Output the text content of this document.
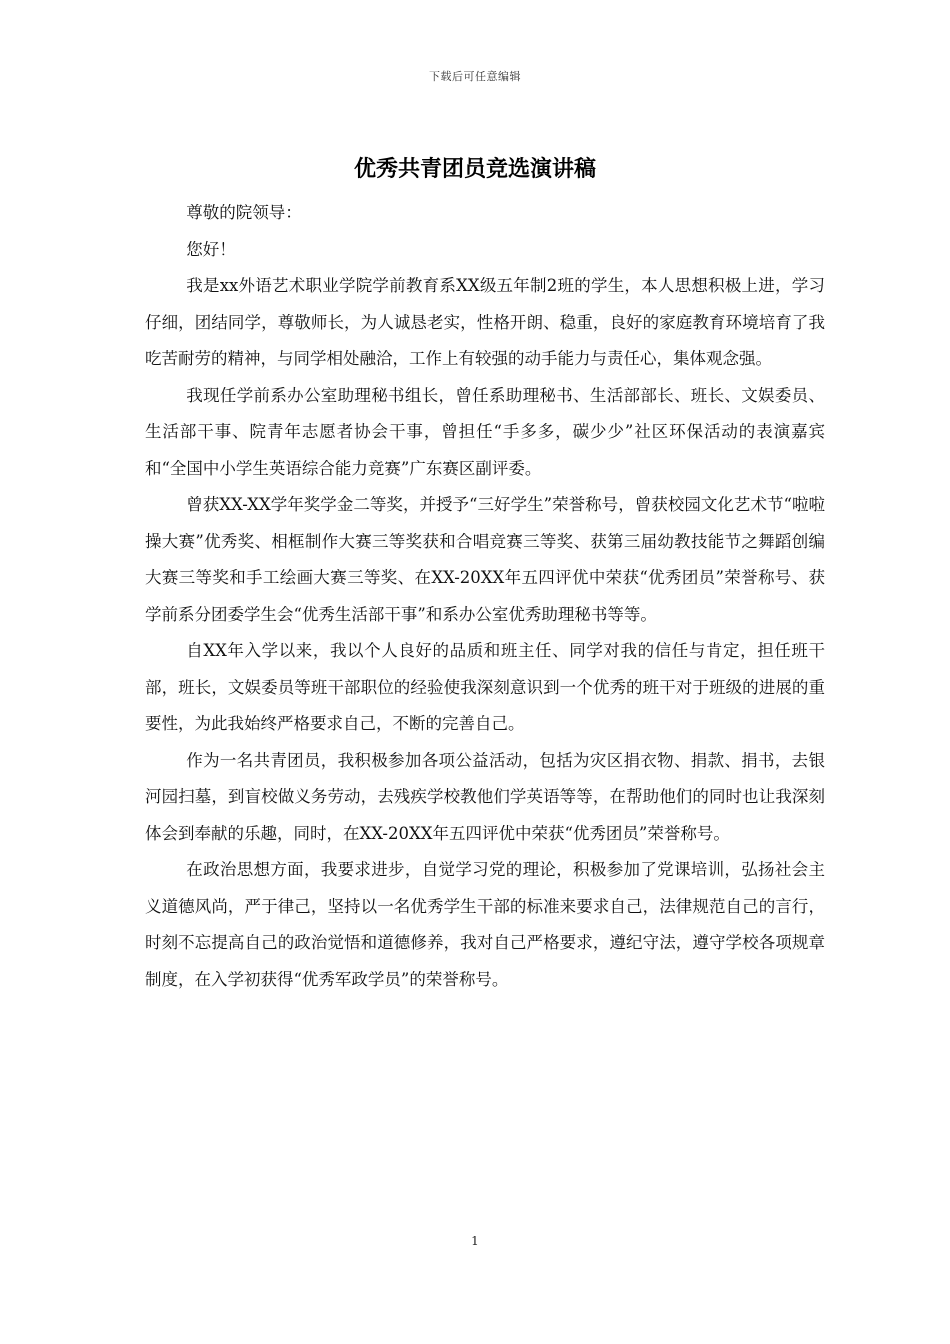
下载后可任意编辑
优秀共青团员竞选演讲稿

尊敬的院领导：

您好！

我是xx外语艺术职业学院学前教育系XX级五年制2班的学生，本人思想积极上进，学习仔细，团结同学，尊敬师长，为人诚恳老实，性格开朗、稳重，良好的家庭教育环境培育了我吃苦耐劳的精神，与同学相处融洽，工作上有较强的动手能力与责任心，集体观念强。

我现任学前系办公室助理秘书组长，曾任系助理秘书、生活部部长、班长、文娱委员、生活部干事、院青年志愿者协会干事，曾担任“手多多，碳少少”社区环保活动的表演嘉宾和“全国中小学生英语综合能力竞赛”广东赛区副评委。

曾获XX-XX学年奖学金二等奖，并授予“三好学生”荣誉称号，曾获校园文化艺术节“啦啦操大赛”优秀奖、相框制作大赛三等奖获和合唱竞赛三等奖、获第三届幼教技能节之舞蹈创编大赛三等奖和手工绘画大赛三等奖、在XX-20XX年五四评优中荣获“优秀团员”荣誉称号、获学前系分团委学生会“优秀生活部干事”和系办公室优秀助理秘书等等。

自XX年入学以来，我以个人良好的品质和班主任、同学对我的信任与肯定，担任班干部，班长，文娱委员等班干部职位的经验使我深刻意识到一个优秀的班干对于班级的进展的重要性，为此我始终严格要求自己，不断的完善自己。

作为一名共青团员，我积极参加各项公益活动，包括为灾区捐衣物、捐款、捐书，去银河园扫墓，到盲校做义务劳动，去残疾学校教他们学英语等等，在帮助他们的同时也让我深刻体会到奉献的乐趣，同时，在XX-20XX年五四评优中荣获“优秀团员”荣誉称号。

在政治思想方面，我要求进步，自觉学习党的理论，积极参加了党课培训，弘扬社会主义道德风尚，严于律己，坚持以一名优秀学生干部的标准来要求自己，法律规范自己的言行，时刻不忘提高自己的政治觉悟和道德修养，我对自己严格要求，遵纪守法，遵守学校各项规章制度，在入学初获得“优秀军政学员”的荣誉称号。

1
